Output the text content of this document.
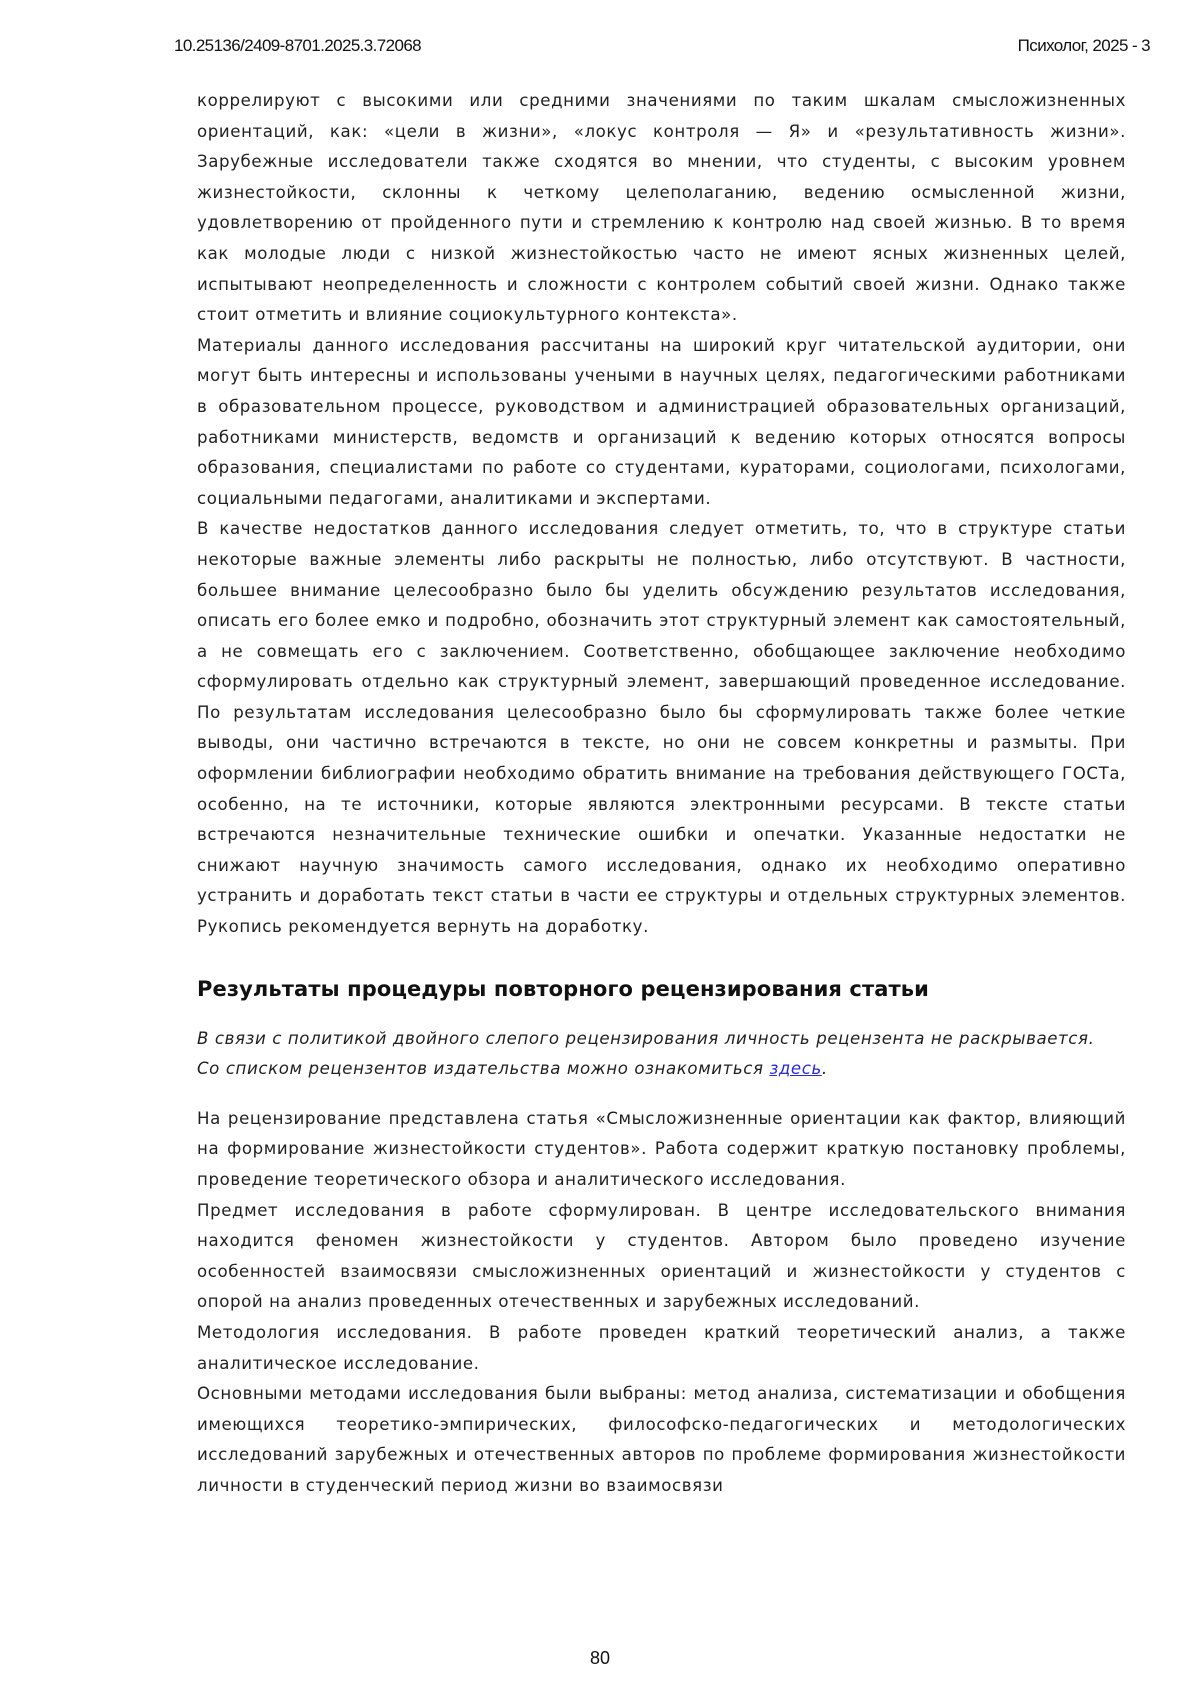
10.25136/2409-8701.2025.3.72068	Психолог, 2025 - 3

коррелируют с высокими или средними значениями по таким шкалам смысложизненных ориентаций, как: «цели в жизни», «локус контроля — Я» и «результативность жизни». Зарубежные исследователи также сходятся во мнении, что студенты, с высоким уровнем жизнестойкости, склонны к четкому целеполаганию, ведению осмысленной жизни, удовлетворению от пройденного пути и стремлению к контролю над своей жизнью. В то время как молодые люди с низкой жизнестойкостью часто не имеют ясных жизненных целей, испытывают неопределенность и сложности с контролем событий своей жизни. Однако также стоит отметить и влияние социокультурного контекста».

Материалы данного исследования рассчитаны на широкий круг читательской аудитории, они могут быть интересны и использованы учеными в научных целях, педагогическими работниками в образовательном процессе, руководством и администрацией образовательных организаций, работниками министерств, ведомств и организаций к ведению которых относятся вопросы образования, специалистами по работе со студентами, кураторами, социологами, психологами, социальными педагогами, аналитиками и экспертами.

В качестве недостатков данного исследования следует отметить, то, что в структуре статьи некоторые важные элементы либо раскрыты не полностью, либо отсутствуют. В частности, большее внимание целесообразно было бы уделить обсуждению результатов исследования, описать его более емко и подробно, обозначить этот структурный элемент как самостоятельный, а не совмещать его с заключением. Соответственно, обобщающее заключение необходимо сформулировать отдельно как структурный элемент, завершающий проведенное исследование. По результатам исследования целесообразно было бы сформулировать также более четкие выводы, они частично встречаются в тексте, но они не совсем конкретны и размыты. При оформлении библиографии необходимо обратить внимание на требования действующего ГОСТа, особенно, на те источники, которые являются электронными ресурсами. В тексте статьи встречаются незначительные технические ошибки и опечатки. Указанные недостатки не снижают научную значимость самого исследования, однако их необходимо оперативно устранить и доработать текст статьи в части ее структуры и отдельных структурных элементов. Рукопись рекомендуется вернуть на доработку.

Результаты процедуры повторного рецензирования статьи

В связи с политикой двойного слепого рецензирования личность рецензента не раскрывается.

Со списком рецензентов издательства можно ознакомиться здесь.

На рецензирование представлена статья «Смысложизненные ориентации как фактор, влияющий на формирование жизнестойкости студентов». Работа содержит краткую постановку проблемы, проведение теоретического обзора и аналитического исследования.

Предмет исследования в работе сформулирован. В центре исследовательского внимания находится феномен жизнестойкости у студентов. Автором было проведено изучение особенностей взаимосвязи смысложизненных ориентаций и жизнестойкости у студентов с опорой на анализ проведенных отечественных и зарубежных исследований.

Методология исследования. В работе проведен краткий теоретический анализ, а также аналитическое исследование.

Основными методами исследования были выбраны: метод анализа, систематизации и обобщения имеющихся теоретико-эмпирических, философско-педагогических и методологических исследований зарубежных и отечественных авторов по проблеме формирования жизнестойкости личности в студенческий период жизни во взаимосвязи

80
